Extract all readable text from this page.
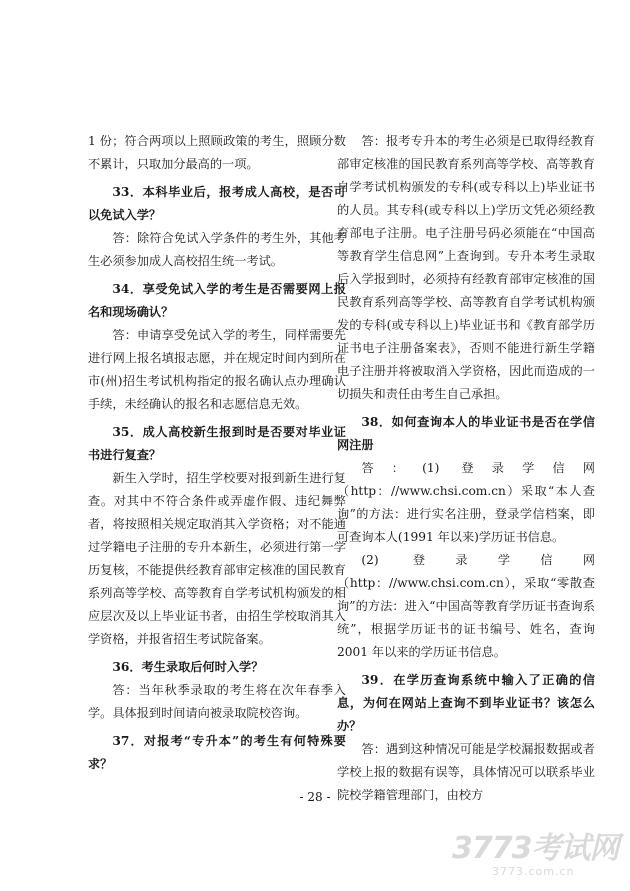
1 份；符合两项以上照顾政策的考生，照顾分数不累计，只取加分最高的一项。

33．本科毕业后，报考成人高校，是否可以免试入学？

答：除符合免试入学条件的考生外，其他考生必须参加成人高校招生统一考试。

34．享受免试入学的考生是否需要网上报名和现场确认？

答：申请享受免试入学的考生，同样需要先进行网上报名填报志愿，并在规定时间内到所在市(州)招生考试机构指定的报名确认点办理确认手续，未经确认的报名和志愿信息无效。

35．成人高校新生报到时是否要对毕业证书进行复查？

新生入学时，招生学校要对报到新生进行复查。对其中不符合条件或弄虚作假、违纪舞弊者，将按照相关规定取消其入学资格；对不能通过学籍电子注册的专升本新生，必须进行第一学历复核，不能提供经教育部审定核准的国民教育系列高等学校、高等教育自学考试机构颁发的相应层次及以上毕业证书者，由招生学校取消其入学资格，并报省招生考试院备案。

36．考生录取后何时入学？

答：当年秋季录取的考生将在次年春季入学。具体报到时间请向被录取院校咨询。

37．对报考“专升本”的考生有何特殊要求？

答：报考专升本的考生必须是已取得经教育部审定核准的国民教育系列高等学校、高等教育自学考试机构颁发的专科(或专科以上)毕业证书的人员。其专科(或专科以上)学历文凭必须经教育部电子注册。电子注册号码必须能在“中国高等教育学生信息网”上查询到。专升本考生录取后入学报到时，必须持有经教育部审定核准的国民教育系列高等学校、高等教育自学考试机构颁发的专科(或专科以上)毕业证书和《教育部学历证书电子注册备案表》，否则不能进行新生学籍电子注册并将被取消入学资格，因此而造成的一切损失和责任由考生自己承担。

38．如何查询本人的毕业证书是否在学信网注册

答：(1) 登录学信网（http：//www.chsi.com.cn）采取“本人查询”的方法：进行实名注册，登录学信档案，即可查询本人(1991 年以来)学历证书信息。

(2) 登录学信网（http：//www.chsi.com.cn），采取“零散查询”的方法：进入“中国高等教育学历证书查询系统”，根据学历证书的证书编号、姓名，查询 2001 年以来的学历证书信息。

39．在学历查询系统中输入了正确的信息，为何在网站上查询不到毕业证书？该怎么办？

答：遇到这种情况可能是学校漏报数据或者学校上报的数据有误等，具体情况可以联系毕业院校学籍管理部门，由校方

- 28 -
3773考试网
3773.com.cn
